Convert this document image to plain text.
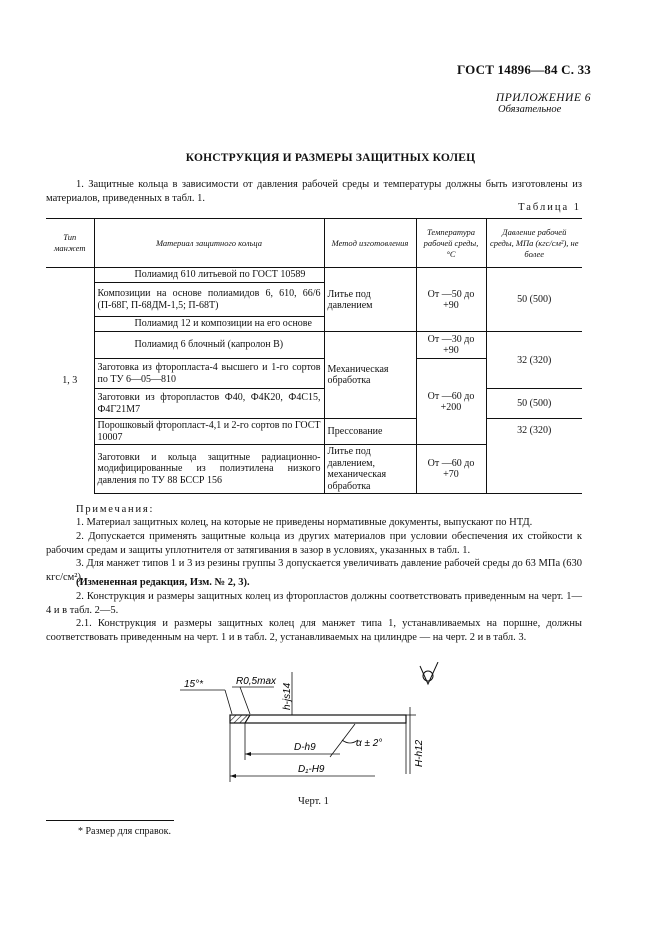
ГОСТ 14896—84 С. 33
ПРИЛОЖЕНИЕ 6
Обязательное
КОНСТРУКЦИЯ И РАЗМЕРЫ ЗАЩИТНЫХ КОЛЕЦ
1. Защитные кольца в зависимости от давления рабочей среды и температуры должны быть изготовлены из материалов, приведенных в табл. 1.
Таблица 1
Тип манжет	Материал защитного кольца	Метод изготовления	Температура рабочей среды, °С	Давление рабочей среды, МПа (кгс/см²), не более
1, 3	Полиамид 610 литьевой по ГОСТ 10589	Литье под давлением	От —50 до +90	50 (500)
	Композиции на основе полиамидов 6, 610, 66/6 (П-68Г, П-68ДМ-1,5; П-68Т)			
	Полиамид 12 и композиции на его основе			
	Полиамид 6 блочный (капролон В)	Механическая обработка	От —30 до +90	32 (320)
	Заготовка из фторопласта-4 высшего и 1-го сортов по ТУ 6—05—810		От —60 до +200	
	Заготовки из фторопластов Ф40, Ф4К20, Ф4С15, Ф4Г21М7			50 (500)
	Порошковый фторопласт-4,1 и 2-го сортов по ГОСТ 10007	Прессование		32 (320)
	Заготовки и кольца защитные радиационно-модифицированные из полиэтилена низкого давления по ТУ 88 БССР 156	Литье под давлением, механическая обработка	От —60 до +70	
Примечания:
1. Материал защитных колец, на которые не приведены нормативные документы, выпускают по НТД.
2. Допускается применять защитные кольца из других материалов при условии обеспечения их стойкости к рабочим средам и защиты уплотнителя от затягивания в зазор в условиях, указанных в табл. 1.
3. Для манжет типов 1 и 3 из резины группы 3 допускается увеличивать давление рабочей среды до 63 МПа (630 кгс/см²).
(Измененная редакция, Изм. № 2, 3).
2. Конструкция и размеры защитных колец из фторопластов должны соответствовать приведенным на черт. 1—4 и в табл. 2—5.
2.1. Конструкция и размеры защитных колец для манжет типа 1, устанавливаемых на поршне, должны соответствовать приведенным на черт. 1 и в табл. 2, устанавливаемых на цилиндре — на черт. 2 и в табл. 3.
15°*	R0,5max
h-js14
H-h12
D-h9
D₁-H9
α ± 2°
Черт. 1
* Размер для справок.
